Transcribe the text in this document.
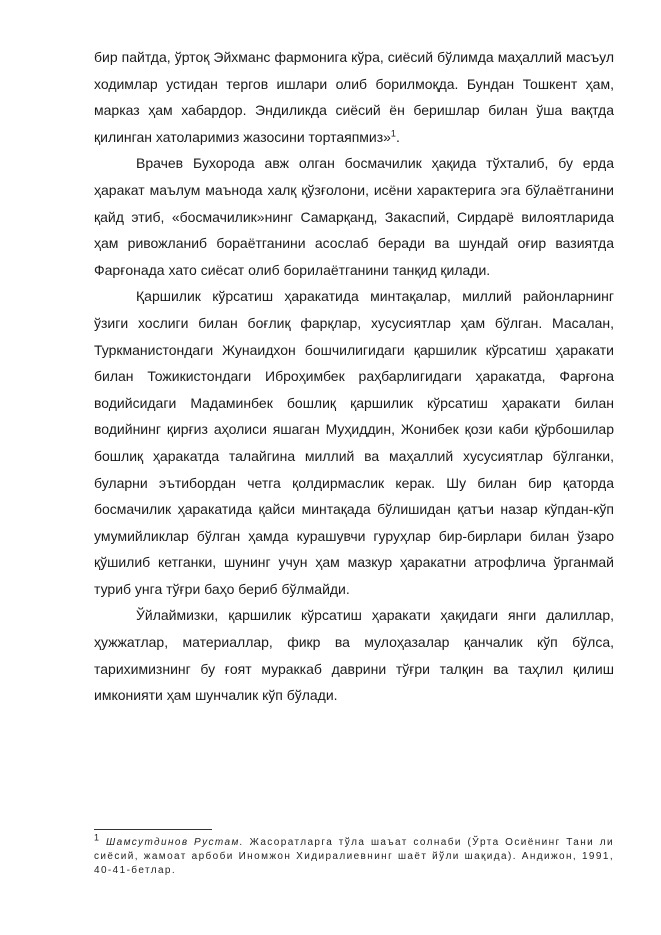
бир пайтда, ўртоқ Эйхманс фармонига кўра, сиёсий бўлимда маҳаллий масъул ходимлар устидан тергов ишлари олиб борилмоқда. Бундан Тошкент ҳам, марказ ҳам хабардор. Эндиликда сиёсий ён беришлар билан ўша вақтда қилинган хатоларимиз жазосини тортаяпмиз»$^1$.

Врачев Бухорода авж олган босмачилик ҳақида тўхталиб, бу ерда ҳаракат маълум маънода халқ қўзғолони, исёни характерига эга бўлаётганини қайд этиб, «босмачилик»нинг Самарқанд, Закаспий, Сирдарё вилоятларида ҳам ривожланиб бораётганини асослаб беради ва шундай оғир вазиятда Фарғонада хато сиёсат олиб борилаётганини танқид қилади.

Қаршилик кўрсатиш ҳаракатида минтақалар, миллий районларнинг ўзиги хослиги билан боғлиқ фарқлар, хусусиятлар ҳам бўлган. Масалан, Туркманистондаги Жунаидхон бошчилигидаги қаршилик кўрсатиш ҳаракати билан Тожикистондаги Иброҳимбек раҳбарлигидаги ҳаракатда, Фарғона водийсидаги Мадаминбек бошлиқ қаршилик кўрсатиш ҳаракати билан водийнинг қирғиз аҳолиси яшаган Муҳиддин, Жонибек қози каби қўрбошилар бошлиқ ҳаракатда талайгина миллий ва маҳаллий хусусиятлар бўлганки, буларни эътибордан четга қолдирмаслик керак. Шу билан бир қаторда босмачилик ҳаракатида қайси минтақада бўлишидан қатъи назар кўпдан-кўп умумийликлар бўлган ҳамда курашувчи гуруҳлар бир-бирлари билан ўзаро қўшилиб кетганки, шунинг учун ҳам мазкур ҳаракатни атрофлича ўрганмай туриб унга тўғри баҳо бериб бўлмайди.

Ўйлаймизки, қаршилик кўрсатиш ҳаракати ҳақидаги янги далиллар, ҳужжатлар, материаллар, фикр ва мулоҳазалар қанчалик кўп бўлса, тарихимизнинг бу ғоят мураккаб даврини тўғри талқин ва таҳлил қилиш имконияти ҳам шунчалик кўп бўлади.

$^1$ Шамсутдинов Рустам. Жасоратларга тўла шаъат солнаби (Ўрта Осиёнинг Тани ли сиёсий, жамоат арбоби Иномжон Хидиралиевнинг шаёт йўли шақида). Андижон, 1991, 40-41-бетлар.
